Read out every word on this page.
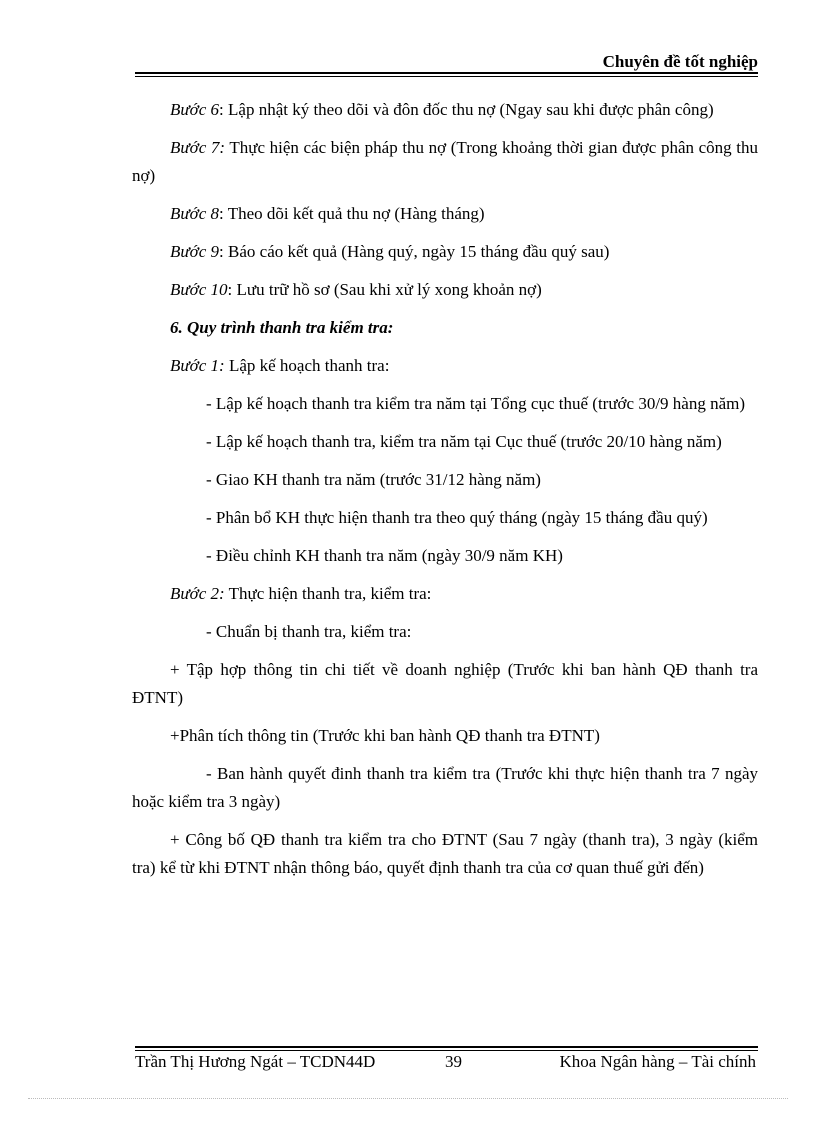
Chuyên đề tốt nghiệp

Bước 6: Lập nhật ký theo dõi và đôn đốc thu nợ (Ngay sau khi được phân công)

Bước 7: Thực hiện các biện pháp thu nợ (Trong khoảng thời gian được phân công thu nợ)

Bước 8: Theo dõi kết quả thu nợ (Hàng tháng)

Bước 9: Báo cáo kết quả (Hàng quý, ngày 15 tháng đầu quý sau)

Bước 10: Lưu trữ hồ sơ (Sau khi xử lý xong khoản nợ)

6. Quy trình thanh tra kiểm tra:

Bước 1: Lập kế hoạch thanh tra:

- Lập kế hoạch thanh tra kiểm tra năm tại Tổng cục thuế (trước 30/9 hàng năm)

- Lập kế hoạch thanh tra, kiểm tra năm tại Cục thuế (trước 20/10 hàng năm)

- Giao KH thanh tra năm (trước 31/12 hàng năm)

- Phân bổ KH thực hiện thanh tra theo quý tháng (ngày 15 tháng đầu quý)

- Điều chỉnh KH thanh tra năm (ngày 30/9 năm KH)

Bước 2: Thực hiện thanh tra, kiểm tra:

- Chuẩn bị thanh tra, kiểm tra:

+ Tập hợp thông tin chi tiết về doanh nghiệp (Trước khi ban hành QĐ thanh tra ĐTNT)

+Phân tích thông tin (Trước khi ban hành QĐ thanh tra ĐTNT)

- Ban hành quyết đinh thanh tra kiểm tra (Trước khi thực hiện thanh tra 7 ngày hoặc kiểm tra 3 ngày)

+ Công bố QĐ thanh tra kiểm tra cho ĐTNT (Sau 7 ngày (thanh tra), 3 ngày (kiểm tra) kể từ khi ĐTNT nhận thông báo, quyết định thanh tra của cơ quan thuế gửi đến)

Trần Thị Hương Ngát – TCDN44D	39	Khoa Ngân hàng – Tài chính
